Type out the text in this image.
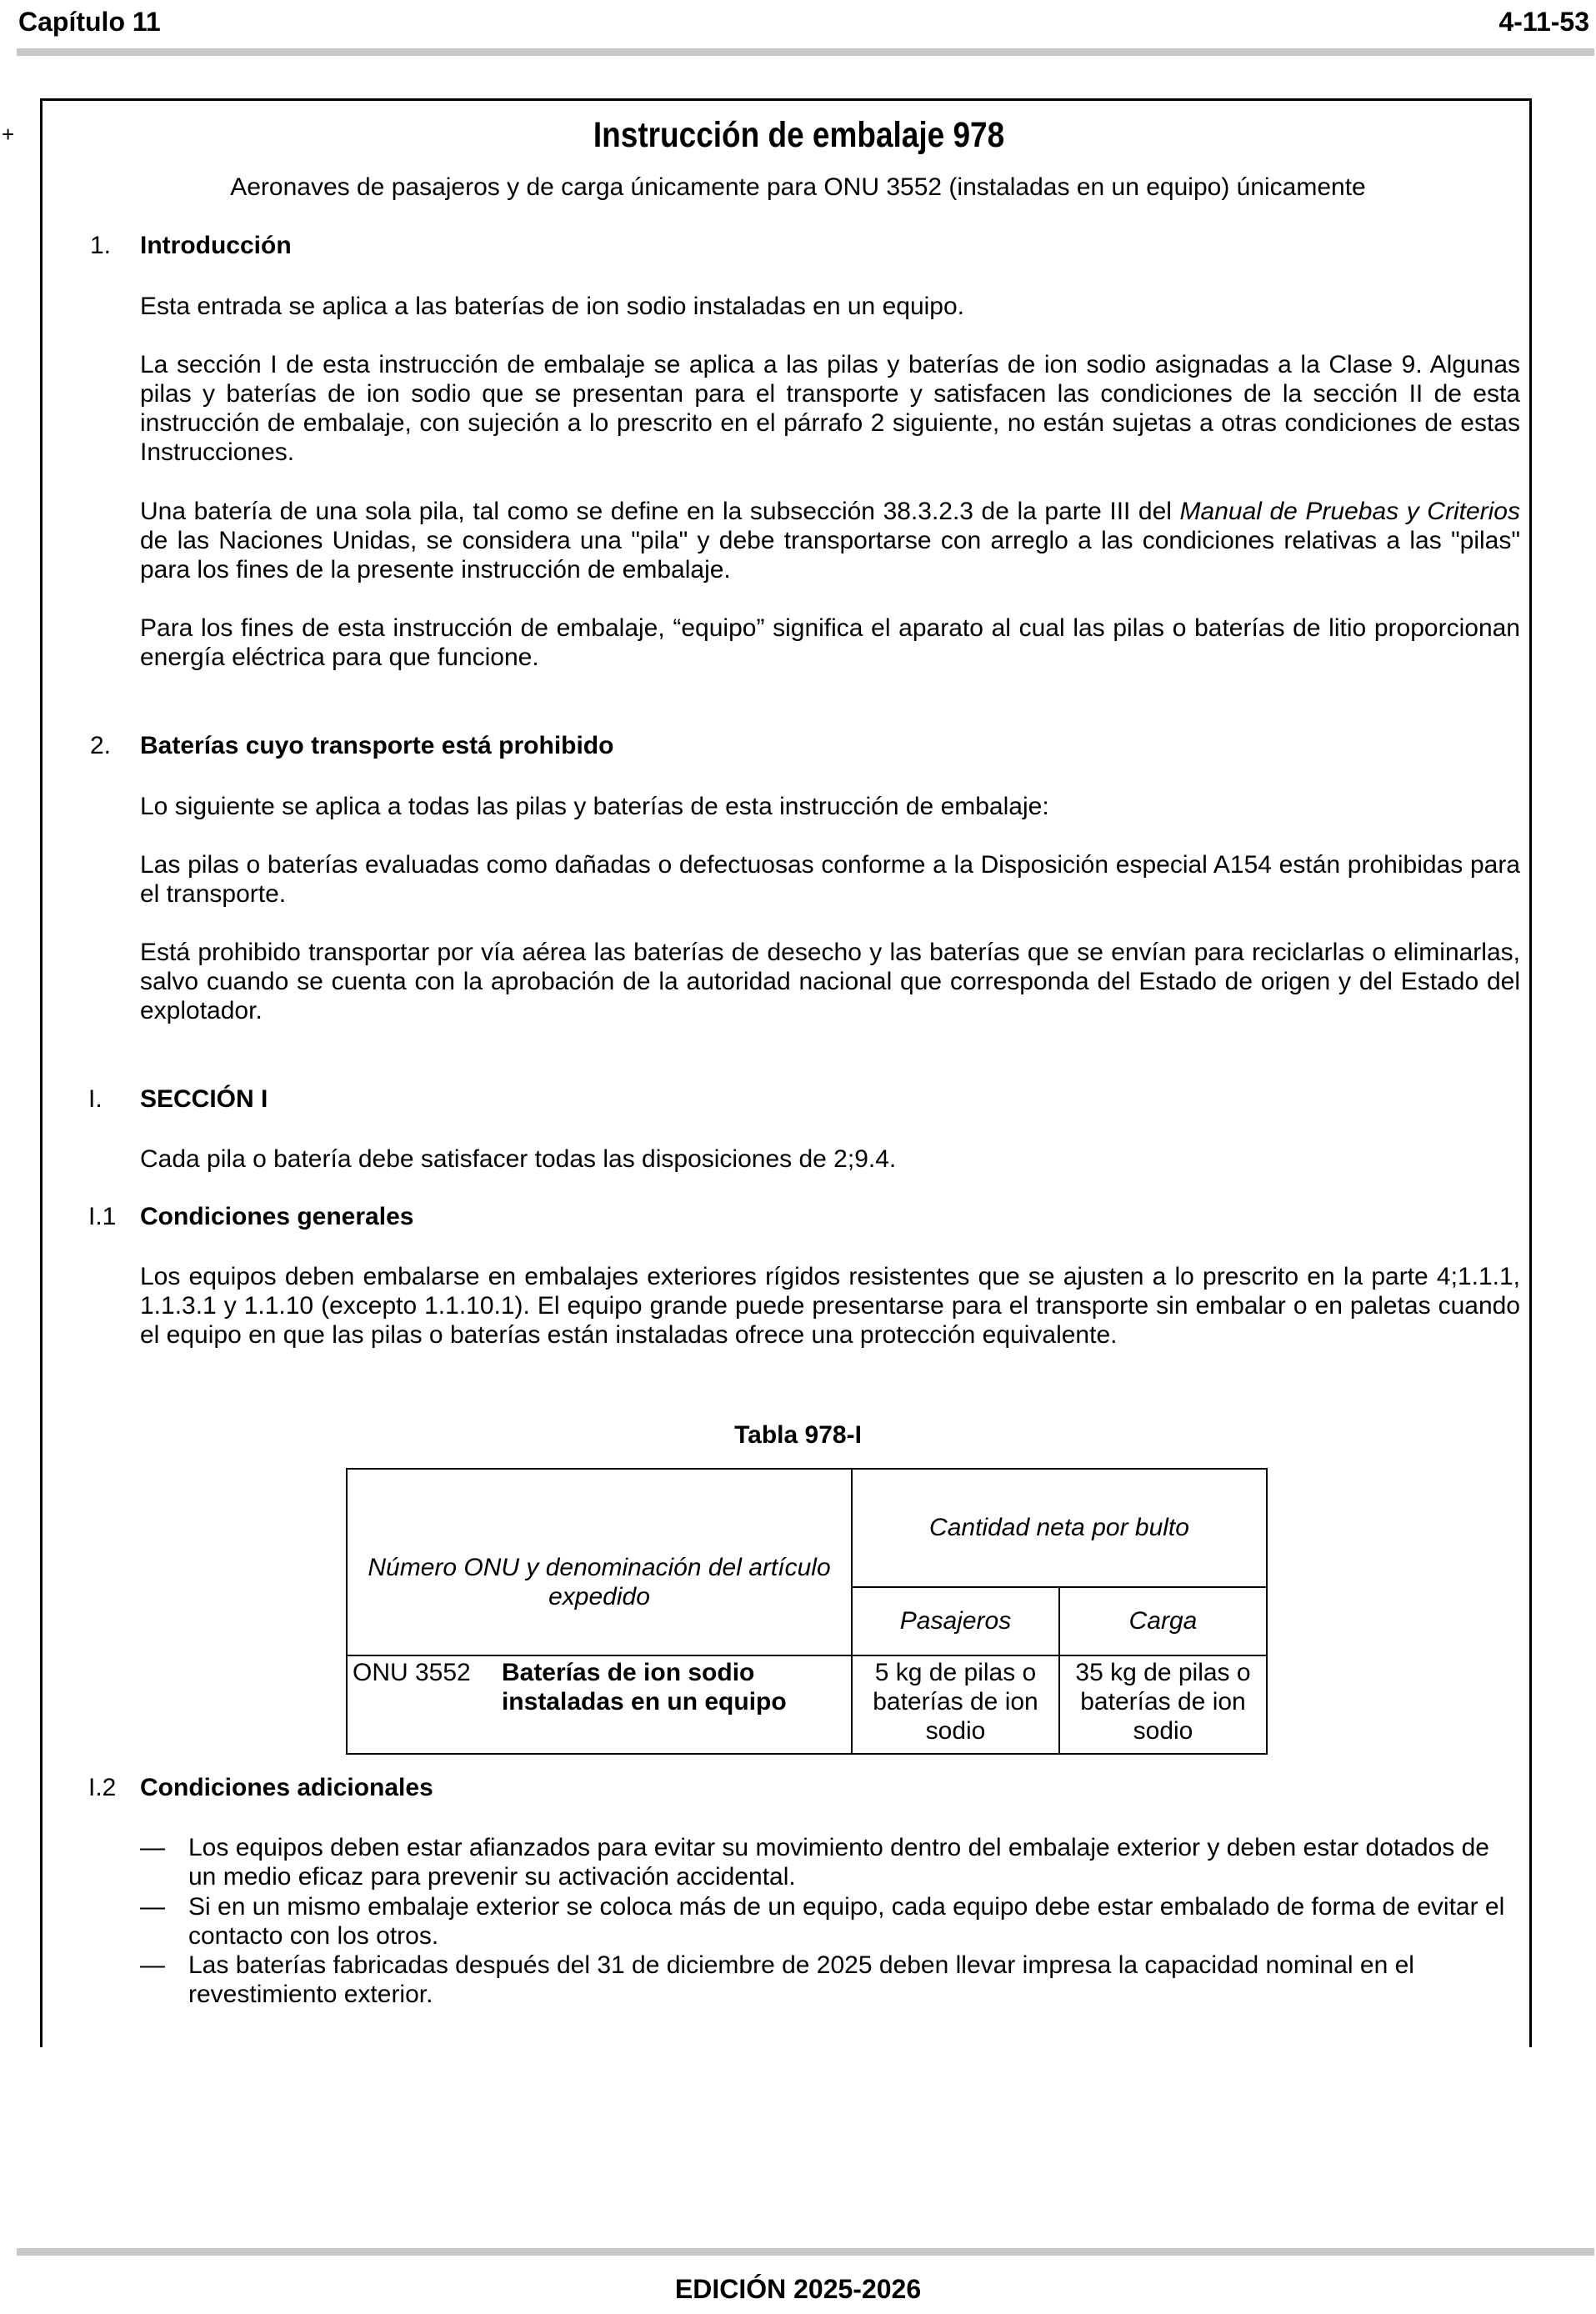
Capítulo 11	4-11-53
+	Instrucción de embalaje 978
Aeronaves de pasajeros y de carga únicamente para ONU 3552 (instaladas en un equipo) únicamente
1. Introducción

Esta entrada se aplica a las baterías de ion sodio instaladas en un equipo.

La sección I de esta instrucción de embalaje se aplica a las pilas y baterías de ion sodio asignadas a la Clase 9. Algunas pilas y baterías de ion sodio que se presentan para el transporte y satisfacen las condiciones de la sección II de esta instrucción de embalaje, con sujeción a lo prescrito en el párrafo 2 siguiente, no están sujetas a otras condiciones de estas Instrucciones.

Una batería de una sola pila, tal como se define en la subsección 38.3.2.3 de la parte III del Manual de Pruebas y Criterios de las Naciones Unidas, se considera una "pila" y debe transportarse con arreglo a las condiciones relativas a las "pilas" para los fines de la presente instrucción de embalaje.

Para los fines de esta instrucción de embalaje, “equipo” significa el aparato al cual las pilas o baterías de litio proporcionan energía eléctrica para que funcione.

2. Baterías cuyo transporte está prohibido

Lo siguiente se aplica a todas las pilas y baterías de esta instrucción de embalaje:

Las pilas o baterías evaluadas como dañadas o defectuosas conforme a la Disposición especial A154 están prohibidas para el transporte.

Está prohibido transportar por vía aérea las baterías de desecho y las baterías que se envían para reciclarlas o eliminarlas, salvo cuando se cuenta con la aprobación de la autoridad nacional que corresponda del Estado de origen y del Estado del explotador.

I. SECCIÓN I

Cada pila o batería debe satisfacer todas las disposiciones de 2;9.4.

I.1 Condiciones generales

Los equipos deben embalarse en embalajes exteriores rígidos resistentes que se ajusten a lo prescrito en la parte 4;1.1.1, 1.1.3.1 y 1.1.10 (excepto 1.1.10.1). El equipo grande puede presentarse para el transporte sin embalar o en paletas cuando el equipo en que las pilas o baterías están instaladas ofrece una protección equivalente.

Tabla 978-I
Número ONU y denominación del artículo expedido		Cantidad neta por bulto	
		Pasajeros	Carga
ONU 3552	Baterías de ion sodio instaladas en un equipo	5 kg de pilas o baterías de ion sodio	35 kg de pilas o baterías de ion sodio
I.2 Condiciones adicionales
— Los equipos deben estar afianzados para evitar su movimiento dentro del embalaje exterior y deben estar dotados de un medio eficaz para prevenir su activación accidental.
— Si en un mismo embalaje exterior se coloca más de un equipo, cada equipo debe estar embalado de forma de evitar el contacto con los otros.
— Las baterías fabricadas después del 31 de diciembre de 2025 deben llevar impresa la capacidad nominal en el revestimiento exterior.
EDICIÓN 2025-2026
